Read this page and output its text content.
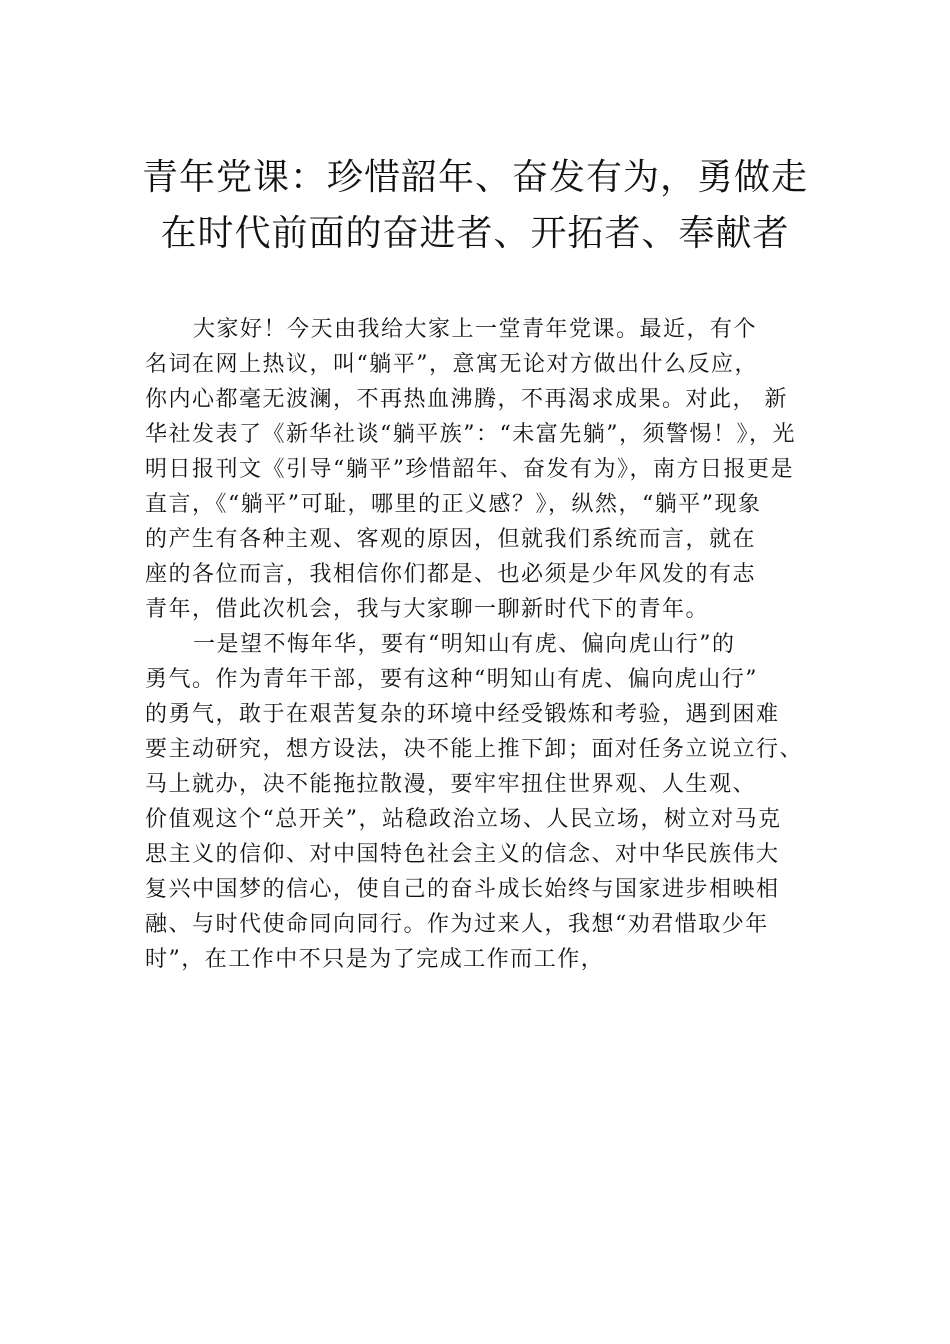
青年党课：珍惜韶年、奋发有为，勇做走
在时代前面的奋进者、开拓者、奉献者
大家好！今天由我给大家上一堂青年党课。最近，有个
名词在网上热议，叫“躺平”，意寓无论对方做出什么反应，
你内心都毫无波澜，不再热血沸腾，不再渴求成果。对此， 新
华社发表了《新华社谈“躺平族”：“未富先躺”，须警惕！》，光
明日报刊文《引导“躺平”珍惜韶年、奋发有为》，南方日报更是
直言，《“躺平”可耻，哪里的正义感？》，纵然，“躺平”现象
的产生有各种主观、客观的原因，但就我们系统而言，就在
座的各位而言，我相信你们都是、也必须是少年风发的有志
青年，借此次机会，我与大家聊一聊新时代下的青年。
一是望不悔年华，要有“明知山有虎、偏向虎山行”的
勇气。作为青年干部，要有这种“明知山有虎、偏向虎山行”
的勇气，敢于在艰苦复杂的环境中经受锻炼和考验，遇到困难
要主动研究，想方设法，决不能上推下卸；面对任务立说立行、
马上就办，决不能拖拉散漫，要牢牢扭住世界观、人生观、
价值观这个“总开关”，站稳政治立场、人民立场，树立对马克
思主义的信仰、对中国特色社会主义的信念、对中华民族伟大
复兴中国梦的信心，使自己的奋斗成长始终与国家进步相映相
融、与时代使命同向同行。作为过来人，我想“劝君惜取少年
时”，在工作中不只是为了完成工作而工作，
